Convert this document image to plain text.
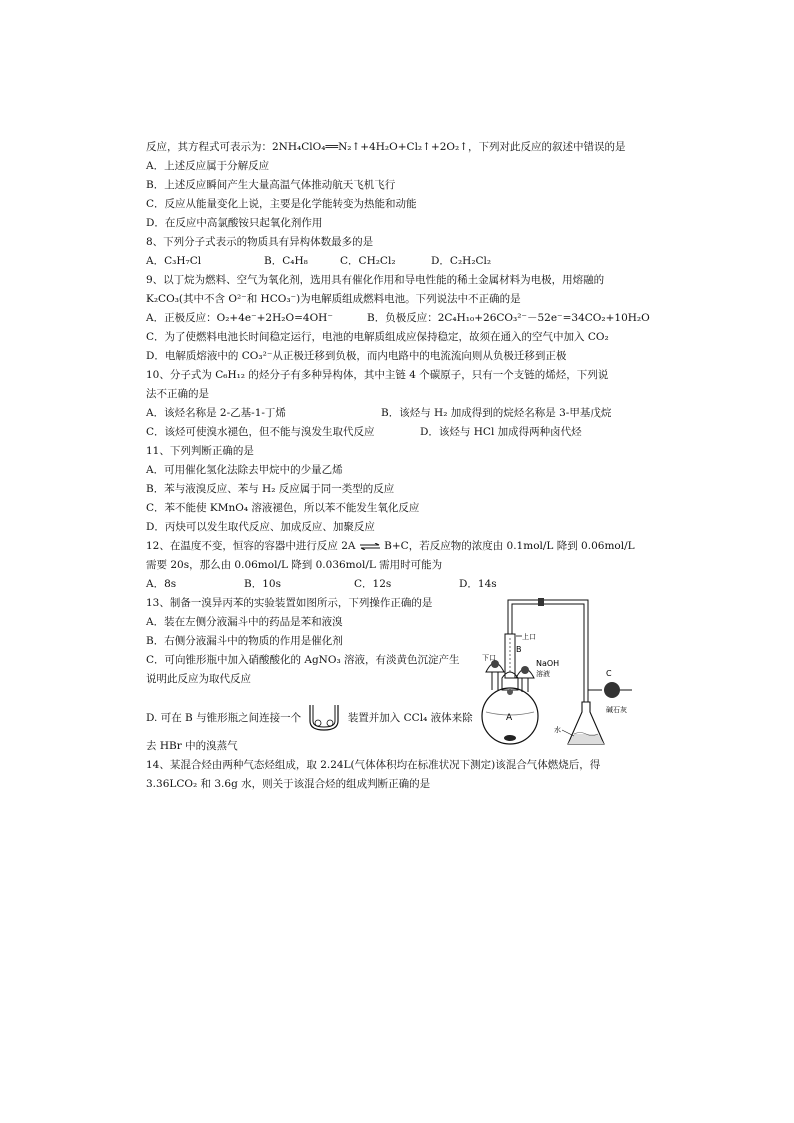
反应，其方程式可表示为：2NH₄ClO₄══N₂↑+4H₂O+Cl₂↑+2O₂↑，下列对此反应的叙述中错误的是
A．上述反应属于分解反应
B．上述反应瞬间产生大量高温气体推动航天飞机飞行
C．反应从能量变化上说，主要是化学能转变为热能和动能
D．在反应中高氯酸铵只起氧化剂作用
8、下列分子式表示的物质具有异构体数最多的是
A．C₃H₇Cl	B．C₄H₈	C．CH₂Cl₂	D．C₂H₂Cl₂
9、以丁烷为燃料、空气为氧化剂，选用具有催化作用和导电性能的稀土金属材料为电极，用熔融的
K₂CO₃(其中不含 O²⁻和 HCO₃⁻)为电解质组成燃料电池。下列说法中不正确的是
A．正极反应：O₂+4e⁻+2H₂O=4OH⁻	B．负极反应：2C₄H₁₀+26CO₃²⁻－52e⁻=34CO₂+10H₂O
C．为了使燃料电池长时间稳定运行，电池的电解质组成应保持稳定，故须在通入的空气中加入 CO₂
D．电解质熔液中的 CO₃²⁻从正极迁移到负极，而内电路中的电流流向则从负极迁移到正极
10、分子式为 C₆H₁₂ 的烃分子有多种异构体，其中主链 4 个碳原子，只有一个支链的烯烃，下列说
法不正确的是
A．该烃名称是 2-乙基-1-丁烯	B．该烃与 H₂ 加成得到的烷烃名称是 3-甲基戊烷
C．该烃可使溴水褪色，但不能与溴发生取代反应	D．该烃与 HCl 加成得两种卤代烃
11、下列判断正确的是
A．可用催化氢化法除去甲烷中的少量乙烯
B．苯与液溴反应、苯与 H₂ 反应属于同一类型的反应
C．苯不能使 KMnO₄ 溶液褪色，所以苯不能发生氧化反应
D．丙炔可以发生取代反应、加成反应、加聚反应
12、在温度不变，恒容的容器中进行反应 2A ⇌ B+C，若反应物的浓度由 0.1mol/L 降到 0.06mol/L
需要 20s，那么由 0.06mol/L 降到 0.036mol/L 需用时可能为
A．8s	B．10s	C．12s	D．14s
13、制备一溴异丙苯的实验装置如图所示，下列操作正确的是
A．装在左侧分液漏斗中的药品是苯和液溴
B．右侧分液漏斗中的物质的作用是催化剂
C．可向锥形瓶中加入硝酸酸化的 AgNO₃ 溶液，有淡黄色沉淀产生
说明此反应为取代反应
D. 可在 B 与锥形瓶之间连接一个	装置并加入 CCl₄ 液体来除
去 HBr 中的溴蒸气
14、某混合烃由两种气态烃组成，取 2.24L(气体体积均在标准状况下测定)该混合气体燃烧后，得
3.36LCO₂ 和 3.6g 水，则关于该混合烃的组成判断正确的是
A
B
上口
下口
NaOH
溶液	C
碱石灰
水
